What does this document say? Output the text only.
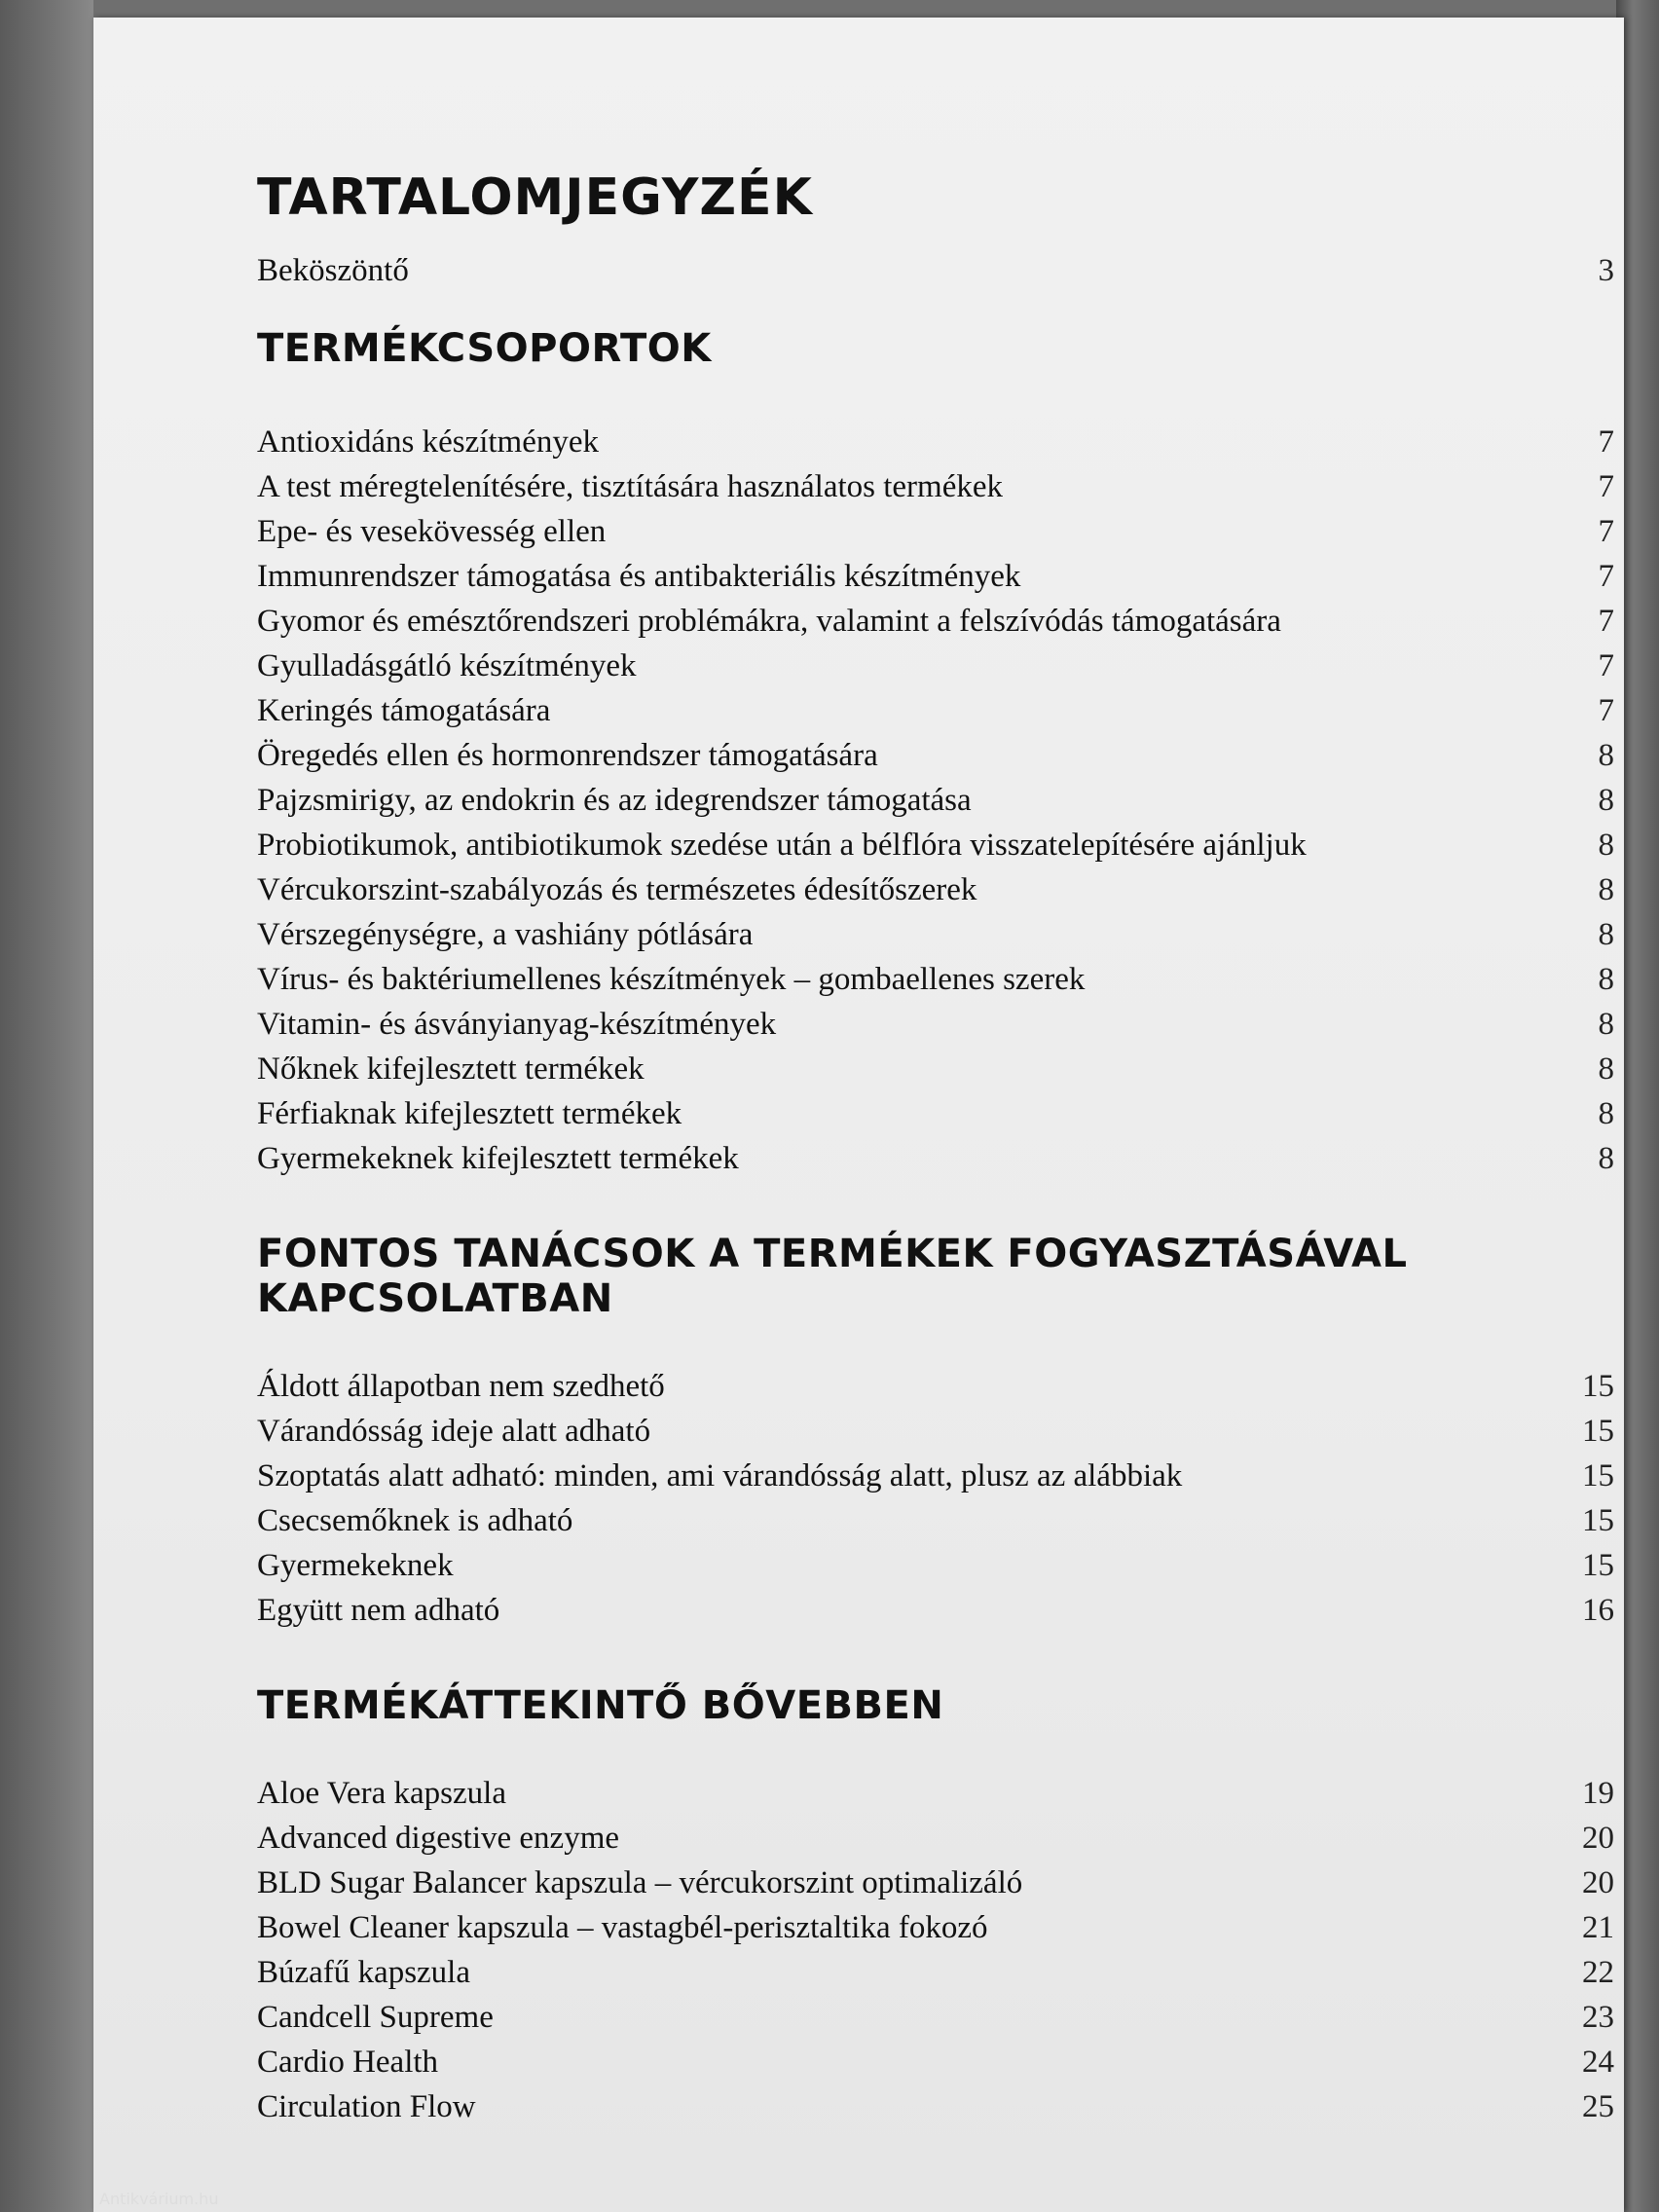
TARTALOMJEGYZÉK
Beköszöntő	3
TERMÉKCSOPORTOK
Antioxidáns készítmények	7
A test méregtelenítésére, tisztítására használatos termékek	7
Epe- és vesekövesség ellen	7
Immunrendszer támogatása és antibakteriális készítmények	7
Gyomor és emésztőrendszeri problémákra, valamint a felszívódás támogatására	7
Gyulladásgátló készítmények	7
Keringés támogatására	7
Öregedés ellen és hormonrendszer támogatására	8
Pajzsmirigy, az endokrin és az idegrendszer támogatása	8
Probiotikumok, antibiotikumok szedése után a bélflóra visszatelepítésére ajánljuk	8
Vércukorszint-szabályozás és természetes édesítőszerek	8
Vérszegénységre, a vashiány pótlására	8
Vírus- és baktériumellenes készítmények – gombaellenes szerek	8
Vitamin- és ásványianyag-készítmények	8
Nőknek kifejlesztett termékek	8
Férfiaknak kifejlesztett termékek	8
Gyermekeknek kifejlesztett termékek	8
FONTOS TANÁCSOK A TERMÉKEK FOGYASZTÁSÁVAL KAPCSOLATBAN
Áldott állapotban nem szedhető	15
Várandósság ideje alatt adható	15
Szoptatás alatt adható: minden, ami várandósság alatt, plusz az alábbiak	15
Csecsemőknek is adható	15
Gyermekeknek	15
Együtt nem adható	16
TERMÉKÁTTEKINTŐ BŐVEBBEN
Aloe Vera kapszula	19
Advanced digestive enzyme	20
BLD Sugar Balancer kapszula – vércukorszint optimalizáló	20
Bowel Cleaner kapszula – vastagbél-perisztaltika fokozó	21
Búzafű kapszula	22
Candcell Supreme	23
Cardio Health	24
Circulation Flow	25
Antikvárium.hu
